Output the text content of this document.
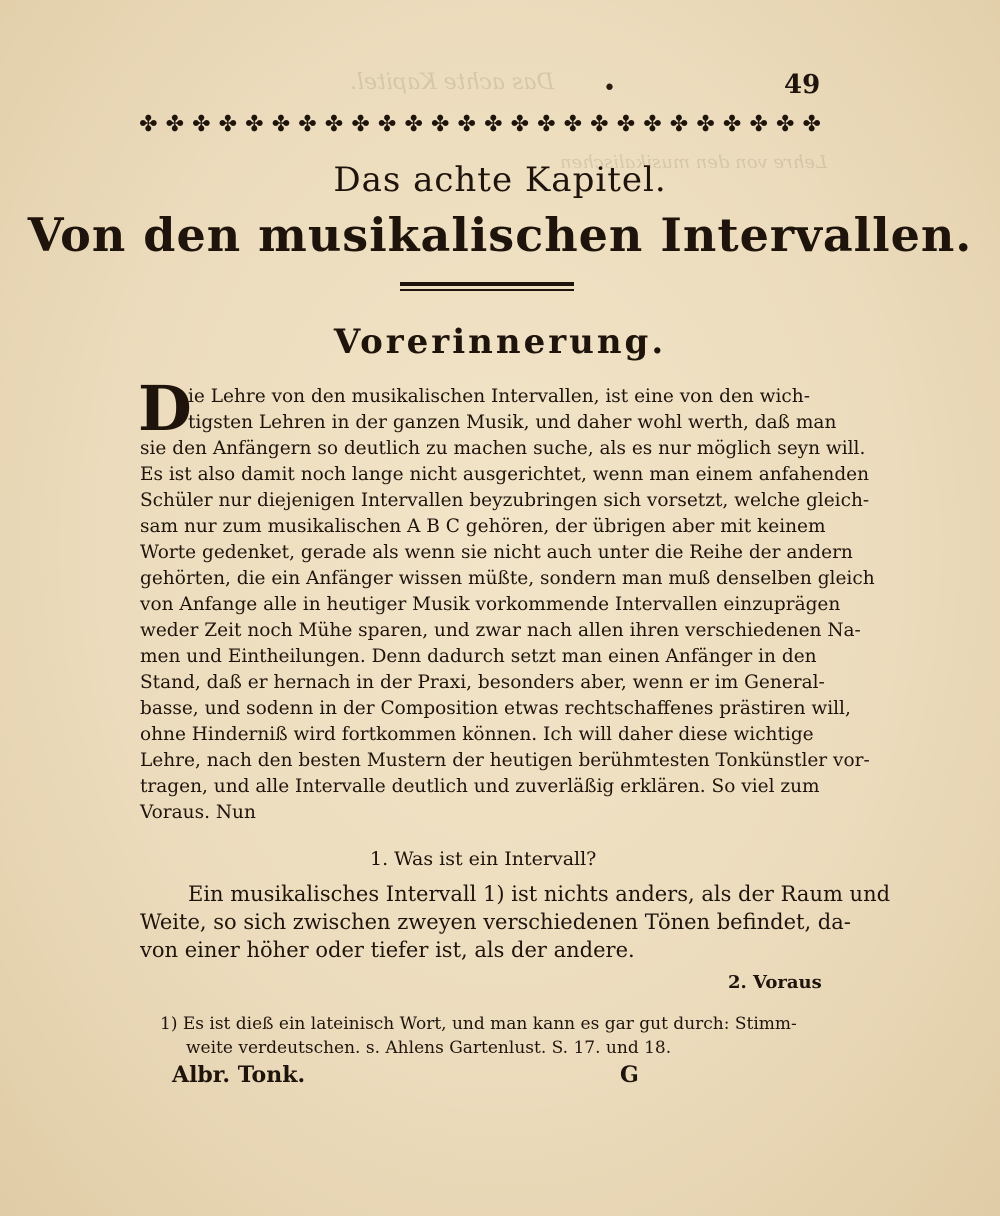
Das achte Kapitel.
Lehre von den musikalischen
•	49
✤ ✤ ✤ ✤ ✤ ✤ ✤ ✤ ✤ ✤ ✤ ✤ ✤ ✤ ✤ ✤ ✤ ✤ ✤ ✤ ✤ ✤ ✤ ✤ ✤ ✤
Das achte Kapitel.
Von den musikalischen Intervallen.
Vorerinnerung.
D
ie Lehre von den musikalischen Intervallen, ist eine von den wich-
tigsten Lehren in der ganzen Musik, und daher wohl werth, daß man
sie den Anfängern so deutlich zu machen suche, als es nur möglich seyn will.
Es ist also damit noch lange nicht ausgerichtet, wenn man einem anfahenden
Schüler nur diejenigen Intervallen beyzubringen sich vorsetzt, welche gleich-
sam nur zum musikalischen A B C gehören, der übrigen aber mit keinem
Worte gedenket, gerade als wenn sie nicht auch unter die Reihe der andern
gehörten, die ein Anfänger wissen müßte, sondern man muß denselben gleich
von Anfange alle in heutiger Musik vorkommende Intervallen einzuprägen
weder Zeit noch Mühe sparen, und zwar nach allen ihren verschiedenen Na-
men und Eintheilungen. Denn dadurch setzt man einen Anfänger in den
Stand, daß er hernach in der Praxi, besonders aber, wenn er im General-
basse, und sodenn in der Composition etwas rechtschaffenes prästiren will,
ohne Hinderniß wird fortkommen können. Ich will daher diese wichtige
Lehre, nach den besten Mustern der heutigen berühmtesten Tonkünstler vor-
tragen, und alle Intervalle deutlich und zuverläßig erklären. So viel zum
Voraus. Nun
1. Was ist ein Intervall?
Ein musikalisches Intervall 1) ist nichts anders, als der Raum und
Weite, so sich zwischen zweyen verschiedenen Tönen befindet, da-
von einer höher oder tiefer ist, als der andere.
2. Voraus
1) Es ist dieß ein lateinisch Wort, und man kann es gar gut durch: Stimm-
weite verdeutschen. s. Ahlens Gartenlust. S. 17. und 18.
Albr. Tonk.	G
